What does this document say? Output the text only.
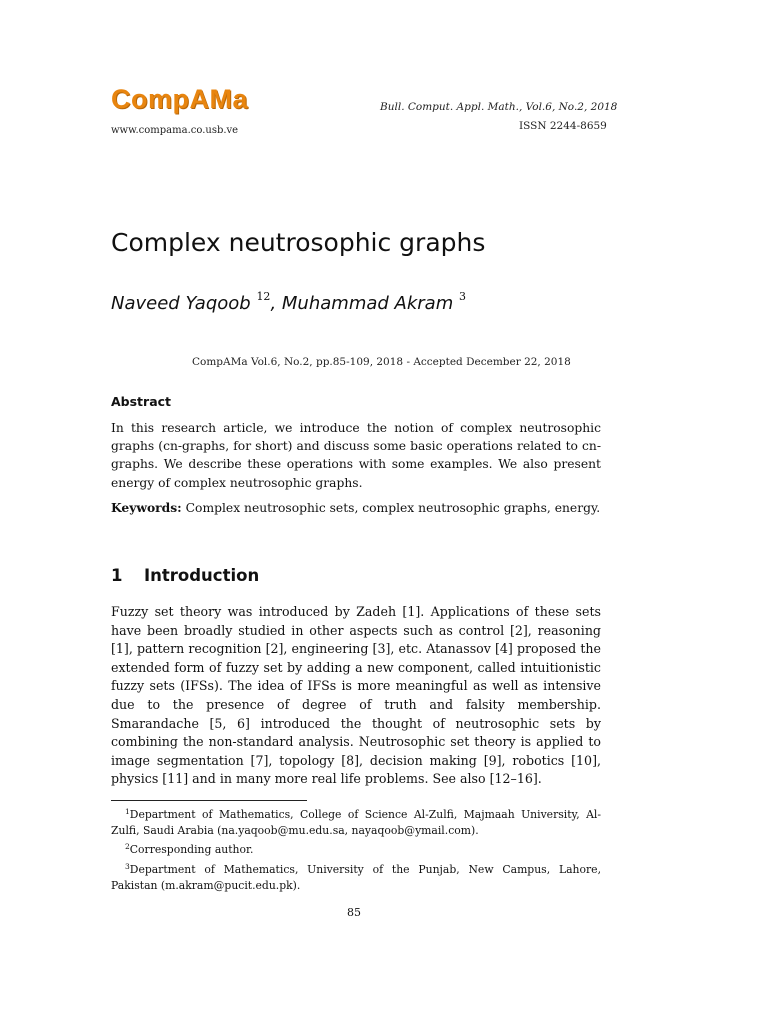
CompAMa
www.compama.co.usb.ve
Bull. Comput. Appl. Math., Vol.6, No.2, 2018
ISSN 2244-8659
Complex neutrosophic graphs
Naveed Yaqoob $^{12}$, Muhammad Akram $^3$
CompAMa Vol.6, No.2, pp.85-109, 2018 - Accepted December 22, 2018
Abstract

In this research article, we introduce the notion of complex neutrosophic graphs (cn-graphs, for short) and discuss some basic operations related to cn-graphs. We describe these operations with some examples. We also present energy of complex neutrosophic graphs.

Keywords: Complex neutrosophic sets, complex neutrosophic graphs, energy.

1 Introduction

Fuzzy set theory was introduced by Zadeh [1]. Applications of these sets have been broadly studied in other aspects such as control [2], reasoning [1], pattern recognition [2], engineering [3], etc. Atanassov [4] proposed the extended form of fuzzy set by adding a new component, called intuitionistic fuzzy sets (IFSs). The idea of IFSs is more meaningful as well as intensive due to the presence of degree of truth and falsity membership. Smarandache [5, 6] introduced the thought of neutrosophic sets by combining the non-standard analysis. Neutrosophic set theory is applied to image segmentation [7], topology [8], decision making [9], robotics [10], physics [11] and in many more real life problems. See also [12–16].

$^1$Department of Mathematics, College of Science Al-Zulfi, Majmaah University, Al-Zulfi, Saudi Arabia (na.yaqoob@mu.edu.sa, nayaqoob@ymail.com).

$^2$Corresponding author.

$^3$Department of Mathematics, University of the Punjab, New Campus, Lahore, Pakistan (m.akram@pucit.edu.pk).

85
